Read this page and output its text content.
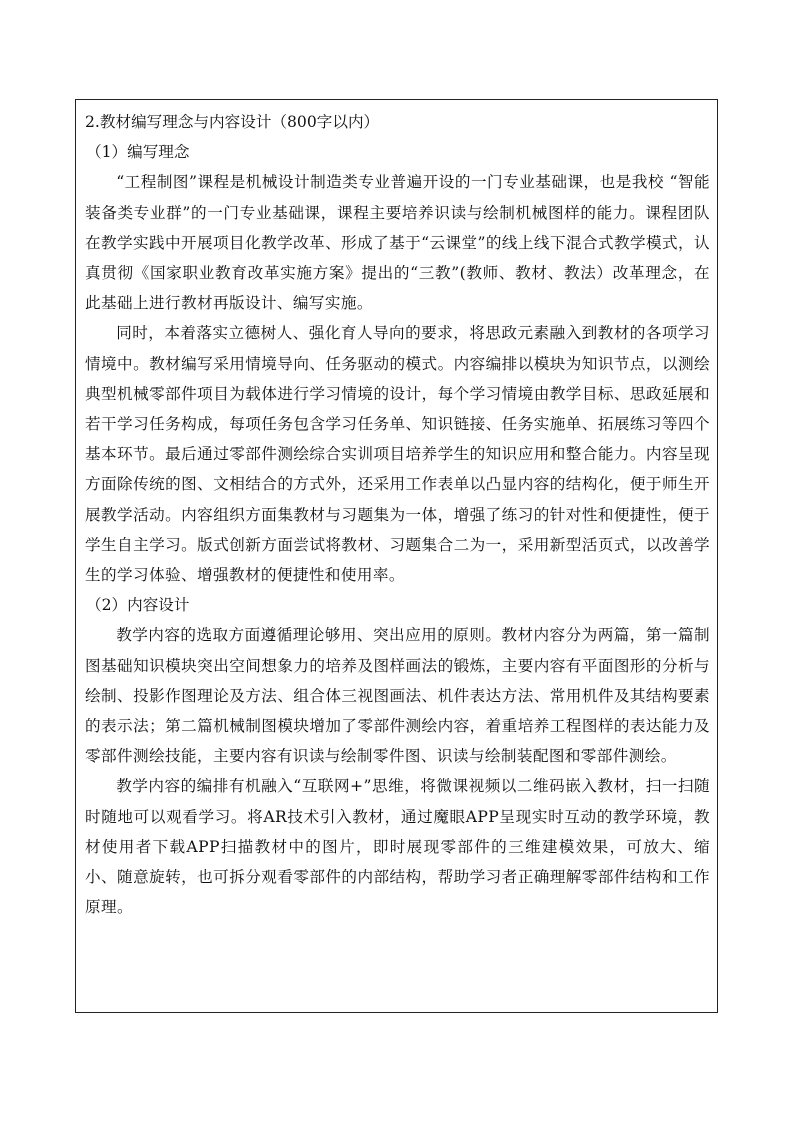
2.教材编写理念与内容设计（800字以内）
（1）编写理念

“工程制图”课程是机械设计制造类专业普遍开设的一门专业基础课，也是我校 “智能装备类专业群”的一门专业基础课，课程主要培养识读与绘制机械图样的能力。课程团队在教学实践中开展项目化教学改革、形成了基于“云课堂”的线上线下混合式教学模式，认真贯彻《国家职业教育改革实施方案》提出的“三教”(教师、教材、教法）改革理念，在此基础上进行教材再版设计、编写实施。

同时，本着落实立德树人、强化育人导向的要求，将思政元素融入到教材的各项学习情境中。教材编写采用情境导向、任务驱动的模式。内容编排以模块为知识节点，以测绘典型机械零部件项目为载体进行学习情境的设计，每个学习情境由教学目标、思政延展和若干学习任务构成，每项任务包含学习任务单、知识链接、任务实施单、拓展练习等四个基本环节。最后通过零部件测绘综合实训项目培养学生的知识应用和整合能力。内容呈现方面除传统的图、文相结合的方式外，还采用工作表单以凸显内容的结构化，便于师生开展教学活动。内容组织方面集教材与习题集为一体，增强了练习的针对性和便捷性，便于学生自主学习。版式创新方面尝试将教材、习题集合二为一，采用新型活页式，以改善学生的学习体验、增强教材的便捷性和使用率。

（2）内容设计

教学内容的选取方面遵循理论够用、突出应用的原则。教材内容分为两篇，第一篇制图基础知识模块突出空间想象力的培养及图样画法的锻炼，主要内容有平面图形的分析与绘制、投影作图理论及方法、组合体三视图画法、机件表达方法、常用机件及其结构要素的表示法；第二篇机械制图模块增加了零部件测绘内容，着重培养工程图样的表达能力及零部件测绘技能，主要内容有识读与绘制零件图、识读与绘制装配图和零部件测绘。

教学内容的编排有机融入“互联网+”思维，将微课视频以二维码嵌入教材，扫一扫随时随地可以观看学习。将AR技术引入教材，通过魔眼APP呈现实时互动的教学环境，教材使用者下载APP扫描教材中的图片，即时展现零部件的三维建模效果，可放大、缩小、随意旋转，也可拆分观看零部件的内部结构，帮助学习者正确理解零部件结构和工作原理。
